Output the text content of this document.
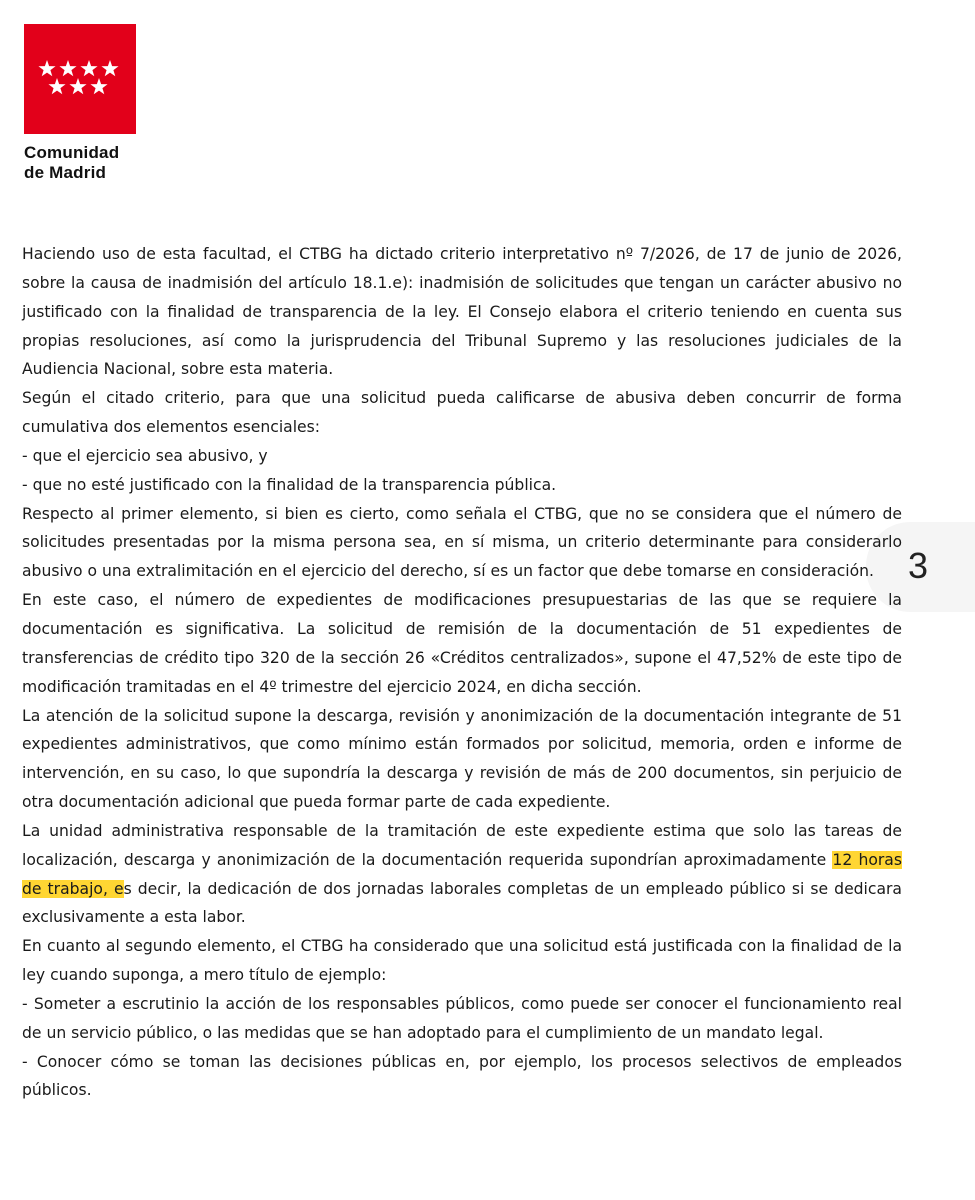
Comunidad
de Madrid
3

Haciendo uso de esta facultad, el CTBG ha dictado criterio interpretativo nº 7/2026, de 17 de junio de 2026, sobre la causa de inadmisión del artículo 18.1.e): inadmisión de solicitudes que tengan un carácter abusivo no justificado con la finalidad de transparencia de la ley. El Consejo elabora el criterio teniendo en cuenta sus propias resoluciones, así como la jurisprudencia del Tribunal Supremo y las resoluciones judiciales de la Audiencia Nacional, sobre esta materia.

Según el citado criterio, para que una solicitud pueda calificarse de abusiva deben concurrir de forma cumulativa dos elementos esenciales:

- que el ejercicio sea abusivo, y

- que no esté justificado con la finalidad de la transparencia pública.

Respecto al primer elemento, si bien es cierto, como señala el CTBG, que no se considera que el número de solicitudes presentadas por la misma persona sea, en sí misma, un criterio determinante para considerarlo abusivo o una extralimitación en el ejercicio del derecho, sí es un factor que debe tomarse en consideración.

En este caso, el número de expedientes de modificaciones presupuestarias de las que se requiere la documentación es significativa. La solicitud de remisión de la documentación de 51 expedientes de transferencias de crédito tipo 320 de la sección 26 «Créditos centralizados», supone el 47,52% de este tipo de modificación tramitadas en el 4º trimestre del ejercicio 2024, en dicha sección.

La atención de la solicitud supone la descarga, revisión y anonimización de la documentación integrante de 51 expedientes administrativos, que como mínimo están formados por solicitud, memoria, orden e informe de intervención, en su caso, lo que supondría la descarga y revisión de más de 200 documentos, sin perjuicio de otra documentación adicional que pueda formar parte de cada expediente.

La unidad administrativa responsable de la tramitación de este expediente estima que solo las tareas de localización, descarga y anonimización de la documentación requerida supondrían aproximadamente 12 horas de trabajo, es decir, la dedicación de dos jornadas laborales completas de un empleado público si se dedicara exclusivamente a esta labor.

En cuanto al segundo elemento, el CTBG ha considerado que una solicitud está justificada con la finalidad de la ley cuando suponga, a mero título de ejemplo:

- Someter a escrutinio la acción de los responsables públicos, como puede ser conocer el funcionamiento real de un servicio público, o las medidas que se han adoptado para el cumplimiento de un mandato legal.

- Conocer cómo se toman las decisiones públicas en, por ejemplo, los procesos selectivos de empleados públicos.
